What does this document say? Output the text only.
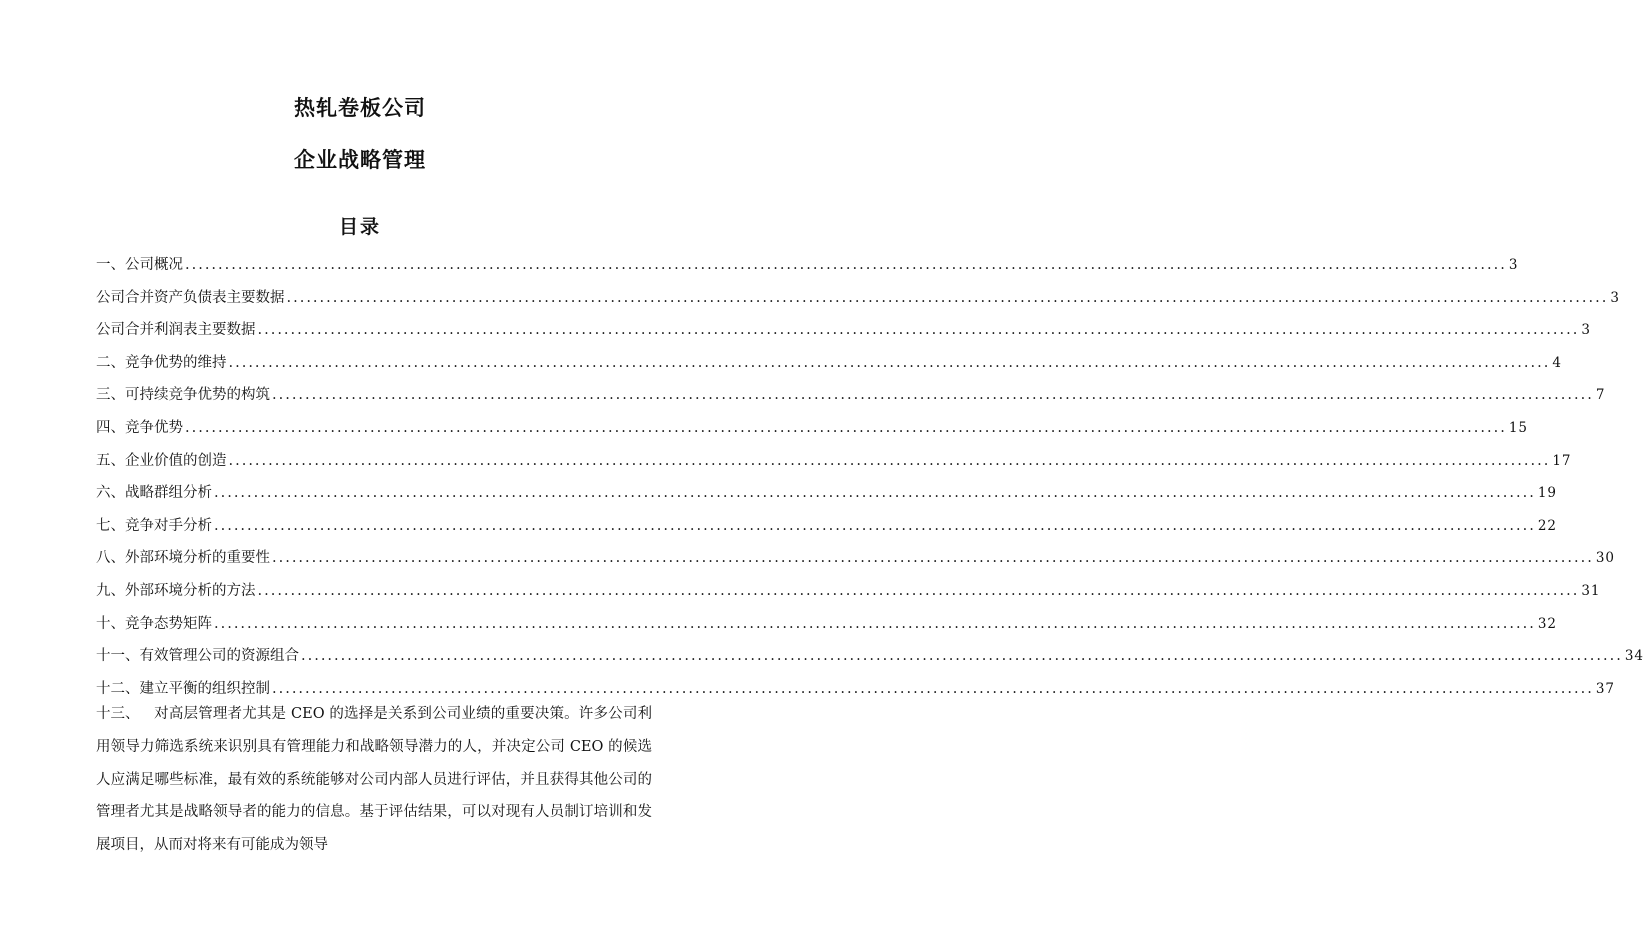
热轧卷板公司
企业战略管理
目录
一、 公司概况 ........................................................................................................................................................................................................ 3
公司合并资产负债表主要数据 ........................................................................................................................................................................................................ 3
公司合并利润表主要数据 ........................................................................................................................................................................................................ 3
二、 竞争优势的维持 ........................................................................................................................................................................................................ 4
三、 可持续竞争优势的构筑 ........................................................................................................................................................................................................ 7
四、 竞争优势 ........................................................................................................................................................................................................ 15
五、 企业价值的创造 ........................................................................................................................................................................................................ 17
六、 战略群组分析 ........................................................................................................................................................................................................ 19
七、 竞争对手分析 ........................................................................................................................................................................................................ 22
八、 外部环境分析的重要性 ........................................................................................................................................................................................................ 30
九、 外部环境分析的方法 ........................................................................................................................................................................................................ 31
十、 竞争态势矩阵 ........................................................................................................................................................................................................ 32
十一、 有效管理公司的资源组合 ........................................................................................................................................................................................................ 34
十二、 建立平衡的组织控制 ........................................................................................................................................................................................................ 37
十三、 对高层管理者尤其是 CEO 的选择是关系到公司业绩的重要决策。许多公司利用领导力筛选系统来识别具有管理能力和战略领导潜力的人，并决定公司 CEO 的候选人应满足哪些标准，最有效的系统能够对公司内部人员进行评估，并且获得其他公司的管理者尤其是战略领导者的能力的信息。基于评估结果，可以对现有人员制订培训和发展项目，从而对将来有可能成为领导
